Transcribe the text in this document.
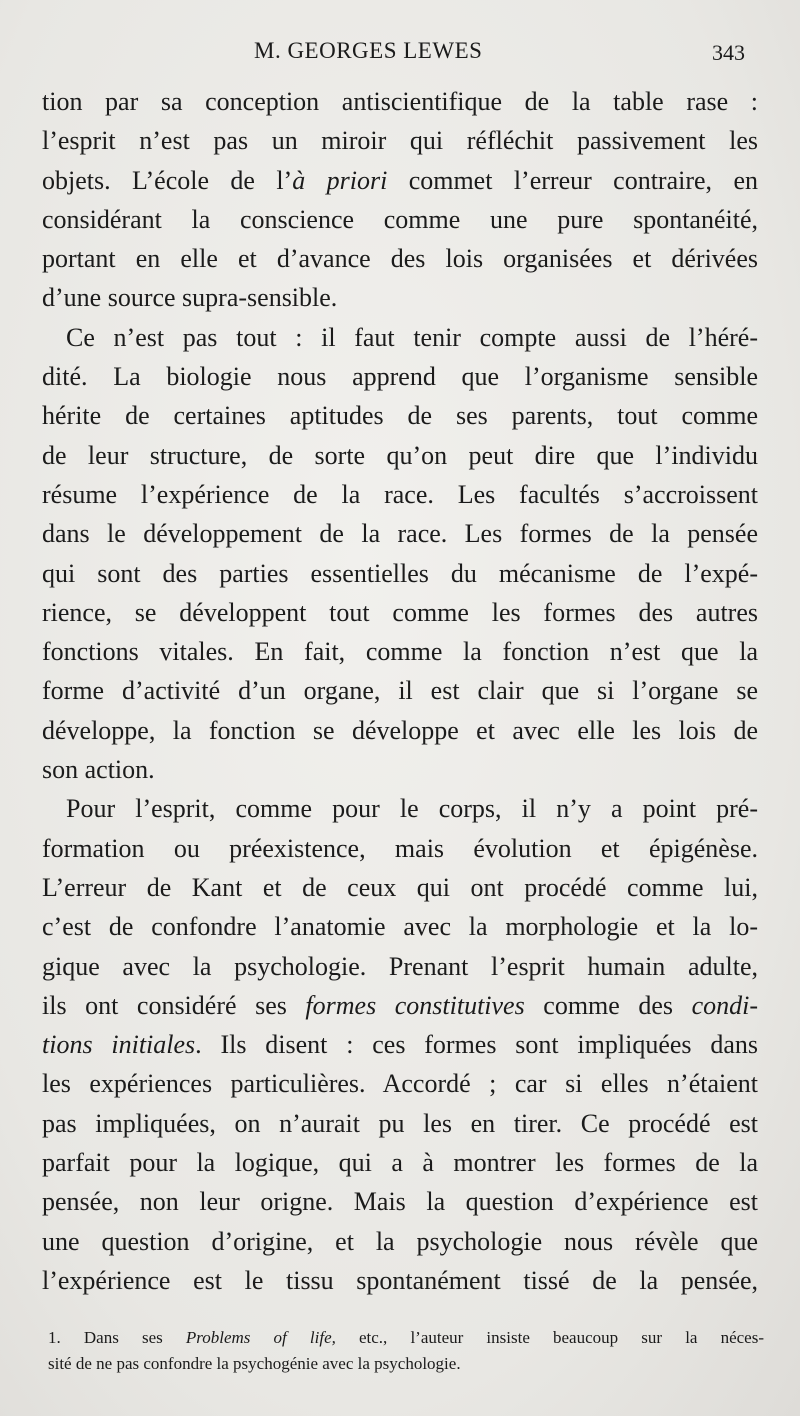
M. GEORGES LEWES	343
tion par sa conception antiscientifique de la table rase :
l’esprit n’est pas un miroir qui réfléchit passivement les
objets. L’école de l’à priori commet l’erreur contraire, en
considérant la conscience comme une pure spontanéité,
portant en elle et d’avance des lois organisées et dérivées
d’une source supra-sensible.
Ce n’est pas tout : il faut tenir compte aussi de l’héré-
dité. La biologie nous apprend que l’organisme sensible
hérite de certaines aptitudes de ses parents, tout comme
de leur structure, de sorte qu’on peut dire que l’individu
résume l’expérience de la race. Les facultés s’accroissent
dans le développement de la race. Les formes de la pensée
qui sont des parties essentielles du mécanisme de l’expé-
rience, se développent tout comme les formes des autres
fonctions vitales. En fait, comme la fonction n’est que la
forme d’activité d’un organe, il est clair que si l’organe se
développe, la fonction se développe et avec elle les lois de
son action.
Pour l’esprit, comme pour le corps, il n’y a point pré-
formation ou préexistence, mais évolution et épigénèse.
L’erreur de Kant et de ceux qui ont procédé comme lui,
c’est de confondre l’anatomie avec la morphologie et la lo-
gique avec la psychologie. Prenant l’esprit humain adulte,
ils ont considéré ses formes constitutives comme des condi-
tions initiales. Ils disent : ces formes sont impliquées dans
les expériences particulières. Accordé ; car si elles n’étaient
pas impliquées, on n’aurait pu les en tirer. Ce procédé est
parfait pour la logique, qui a à montrer les formes de la
pensée, non leur origne. Mais la question d’expérience est
une question d’origine, et la psychologie nous révèle que
l’expérience est le tissu spontanément tissé de la pensée,
1. Dans ses Problems of life, etc., l’auteur insiste beaucoup sur la néces-
sité de ne pas confondre la psychogénie avec la psychologie.
